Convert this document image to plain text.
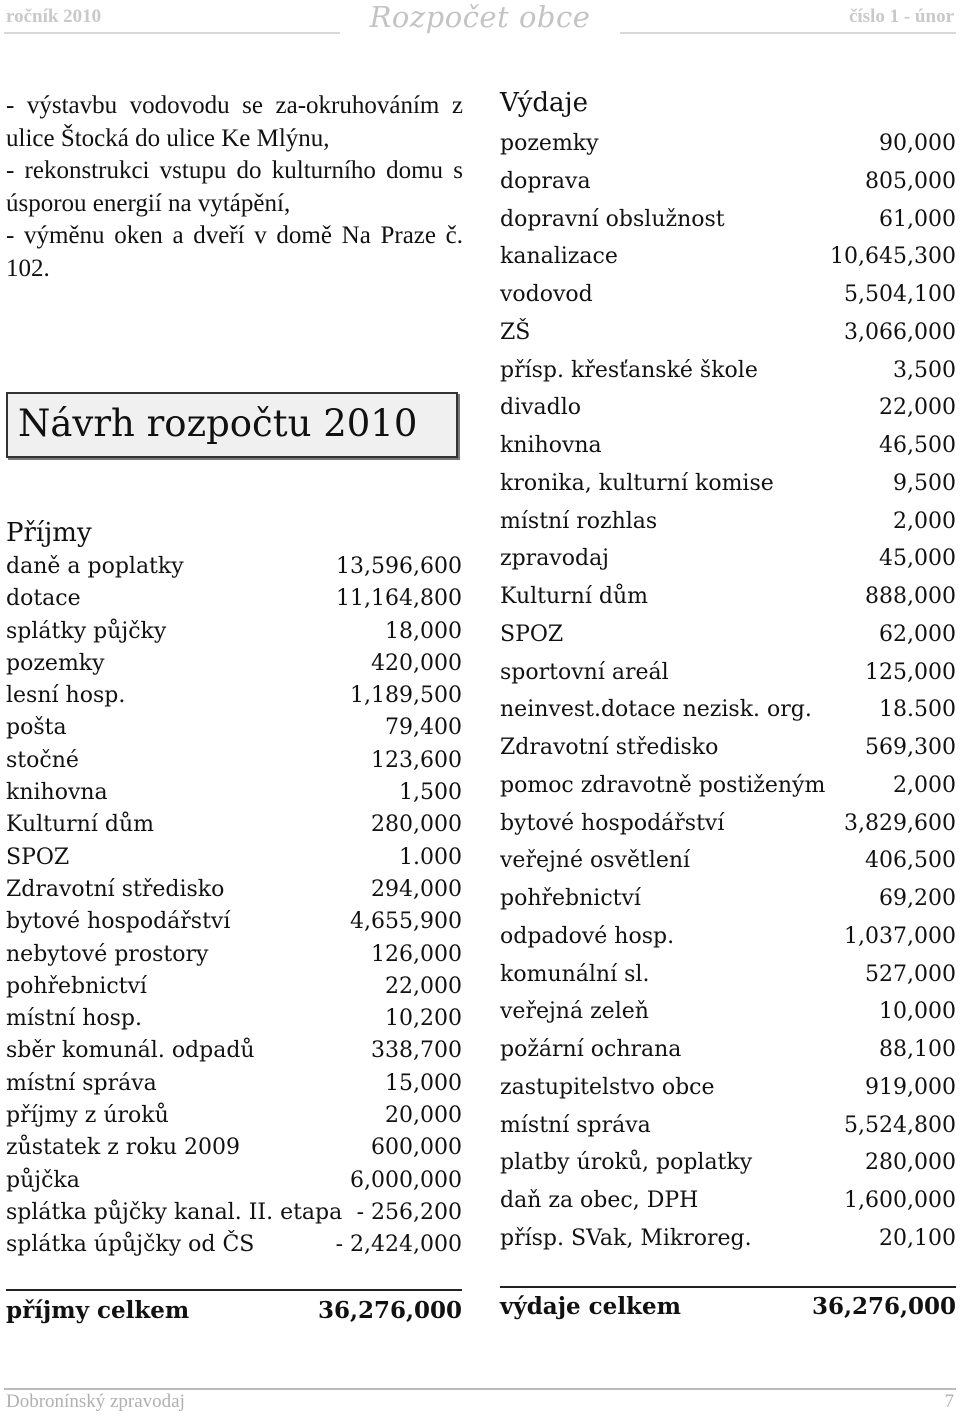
ročník 2010	Rozpočet obce	číslo 1 - únor

- výstavbu vodovodu se za-okruhováním z ulice Štocká do ulice Ke Mlýnu,

- rekonstrukci vstupu do kulturního domu s úsporou energií na vytápění,

- výměnu oken a dveří v domě Na Praze č. 102.

Návrh rozpočtu 2010
Příjmy
daně a poplatky	13,596,600
dotace	11,164,800
splátky půjčky	18,000
pozemky	420,000
lesní hosp.	1,189,500
pošta	79,400
stočné	123,600
knihovna	1,500
Kulturní dům	280,000
SPOZ	1.000
Zdravotní středisko	294,000
bytové hospodářství	4,655,900
nebytové prostory	126,000
pohřebnictví	22,000
místní hosp.	10,200
sběr komunál. odpadů	338,700
místní správa	15,000
příjmy z úroků	20,000
zůstatek z roku 2009	600,000
půjčka	6,000,000
splátka půjčky kanal. II. etapa - 256,200
splátka úpůjčky od ČS	- 2,424,000
příjmy celkem	36,276,000
Výdaje
pozemky	90,000
doprava	805,000
dopravní obslužnost	61,000
kanalizace	10,645,300
vodovod	5,504,100
ZŠ	3,066,000
přísp. křesťanské škole	3,500
divadlo	22,000
knihovna	46,500
kronika, kulturní komise	9,500
místní rozhlas	2,000
zpravodaj	45,000
Kulturní dům	888,000
SPOZ	62,000
sportovní areál	125,000
neinvest.dotace nezisk. org.	18.500
Zdravotní středisko	569,300
pomoc zdravotně postiženým	2,000
bytové hospodářství	3,829,600
veřejné osvětlení	406,500
pohřebnictví	69,200
odpadové hosp.	1,037,000
komunální sl.	527,000
veřejná zeleň	10,000
požární ochrana	88,100
zastupitelstvo obce	919,000
místní správa	5,524,800
platby úroků, poplatky	280,000
daň za obec, DPH	1,600,000
přísp. SVak, Mikroreg.	20,100
výdaje celkem	36,276,000
Dobronínský zpravodaj	7
